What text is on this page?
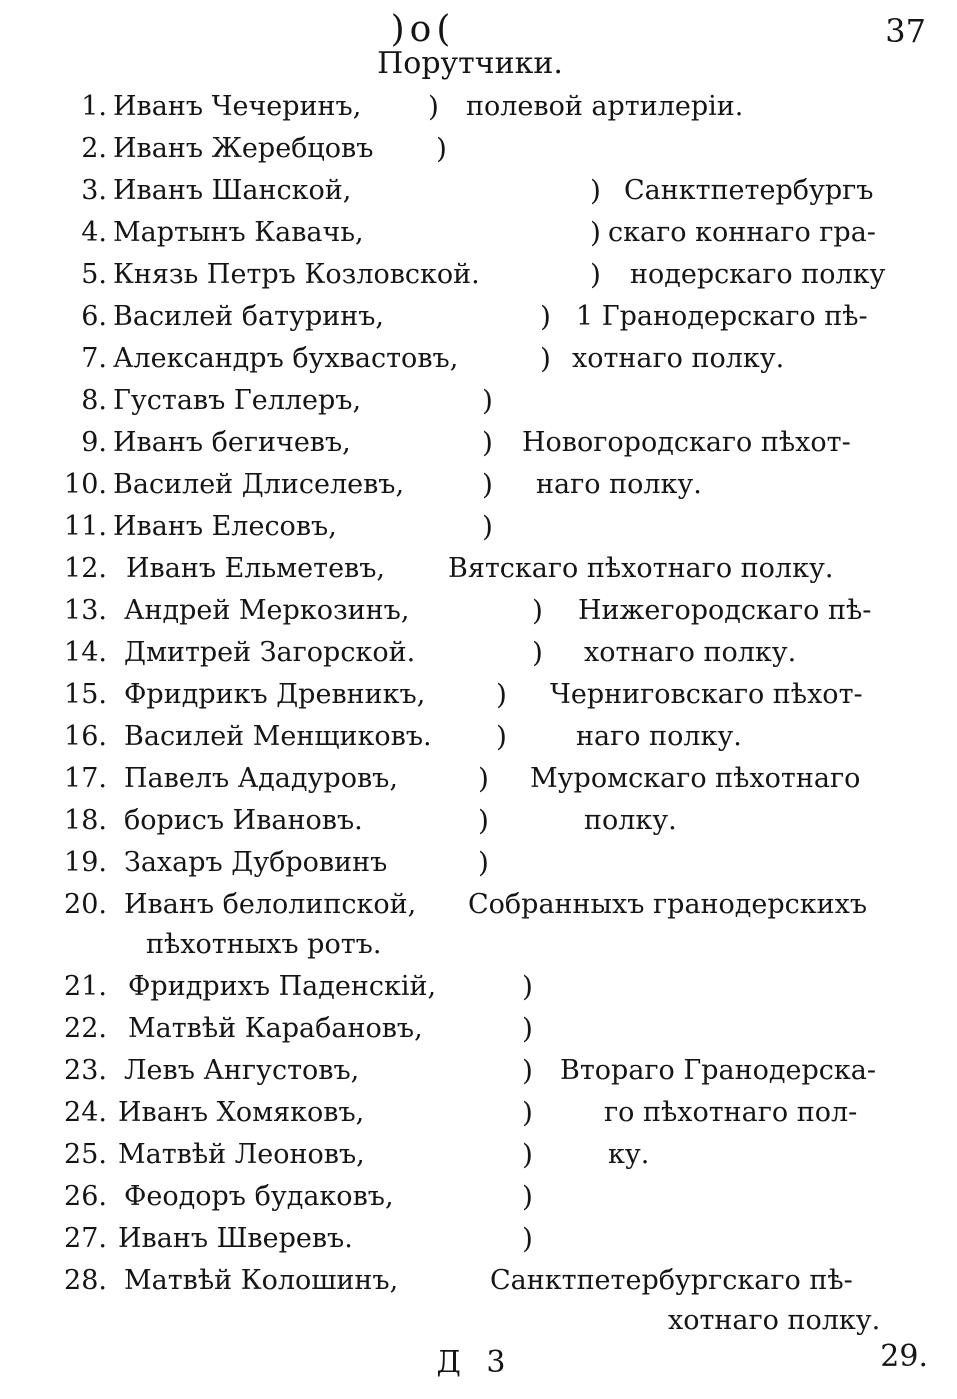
)o(	37
Порутчики.
1. Иванъ Чечеринъ, ) полевой артилерiи.
2. Иванъ Жеребцовъ )
3. Иванъ Шанской,	) Санктпетербургъ
4. Мартынъ Кавачь,	) скаго коннаго гра-
5. Князь Петръ Козловской.	) нодерскаго полку
6. Василей батуринъ,	) 1 Гранодерскаго пѣ-
7. Александръ бухвастовъ,	) хотнаго полку.
8. Густавъ Геллеръ,	)
9. Иванъ бегичевъ,	) Новогородскаго пѣхот-
10. Василей Длиселевъ,	) наго полку.
11. Иванъ Елесовъ,	)
12. Иванъ Ельметевъ, Вятскаго пѣхотнаго полку.
13. Андрей Меркозинъ,	) Нижегородскаго пѣ-
14. Дмитрей Загорской.	) хотнаго полку.
15. Фридрикъ Древникъ,	) Черниговскаго пѣхот-
16. Василей Менщиковъ. )	наго полку.
17. Павелъ Ададуровъ,	) Муромскаго пѣхотнаго
18. борисъ Ивановъ.	)	полку.
19. Захаръ Дубровинъ	)
20. Иванъ белолипской, Собранныхъ гранодерскихъ
пѣхотныхъ ротъ.
21. Фридрихъ Паденскiй,	)
22. Матвѣй Карабановъ,	)
23. Левъ Ангустовъ,	) Втораго Гранодерска-
24. Иванъ Хомяковъ,	)	го пѣхотнаго пол-
25. Матвѣй Леоновъ,	)	ку.
26. Феодоръ будаковъ,	)
27. Иванъ Шверевъ.	)
28. Матвѣй Колошинъ,	Санктпетербургскаго пѣ-
хотнаго полку.
Д 3	29.
